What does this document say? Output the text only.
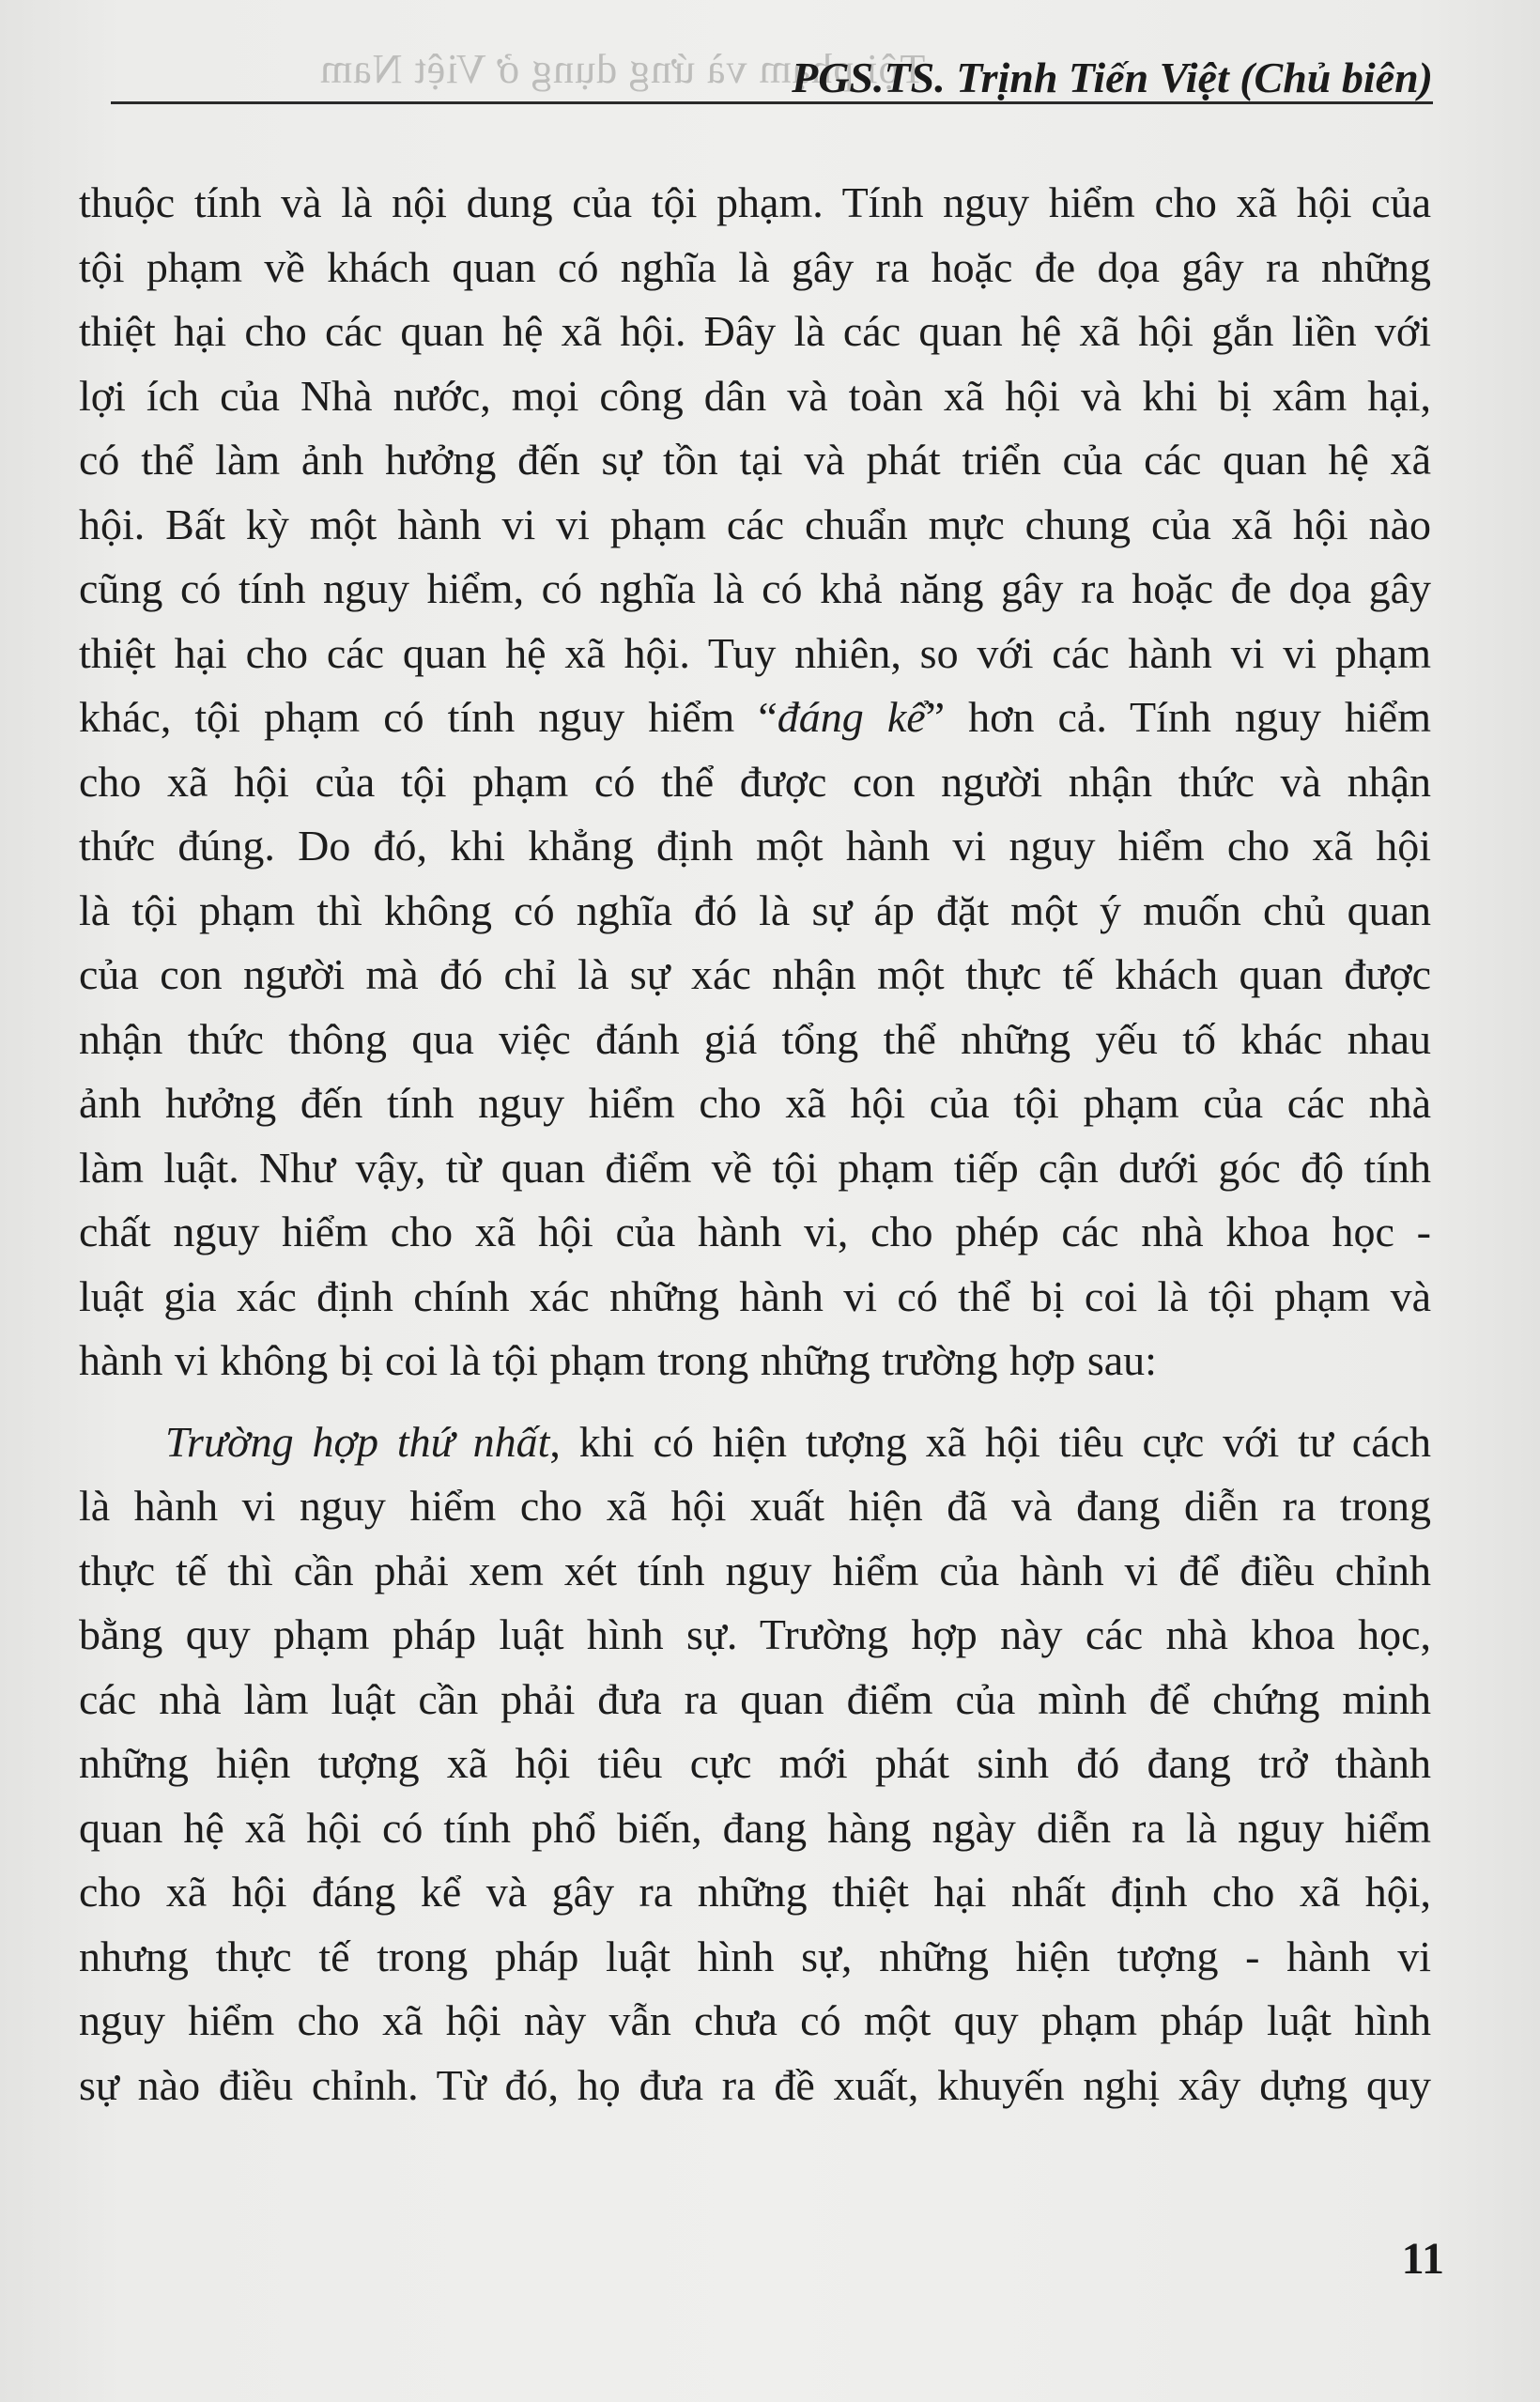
Tội phạm và ứng dụng ở Việt Nam
PGS.TS. Trịnh Tiến Việt (Chủ biên)
thuộc tính và là nội dung của tội phạm. Tính nguy hiểm cho xã hội của
tội phạm về khách quan có nghĩa là gây ra hoặc đe dọa gây ra những
thiệt hại cho các quan hệ xã hội. Đây là các quan hệ xã hội gắn liền với
lợi ích của Nhà nước, mọi công dân và toàn xã hội và khi bị xâm hại,
có thể làm ảnh hưởng đến sự tồn tại và phát triển của các quan hệ xã
hội. Bất kỳ một hành vi vi phạm các chuẩn mực chung của xã hội nào
cũng có tính nguy hiểm, có nghĩa là có khả năng gây ra hoặc đe dọa gây
thiệt hại cho các quan hệ xã hội. Tuy nhiên, so với các hành vi vi phạm
khác, tội phạm có tính nguy hiểm “đáng kể” hơn cả. Tính nguy hiểm
cho xã hội của tội phạm có thể được con người nhận thức và nhận
thức đúng. Do đó, khi khẳng định một hành vi nguy hiểm cho xã hội
là tội phạm thì không có nghĩa đó là sự áp đặt một ý muốn chủ quan
của con người mà đó chỉ là sự xác nhận một thực tế khách quan được
nhận thức thông qua việc đánh giá tổng thể những yếu tố khác nhau
ảnh hưởng đến tính nguy hiểm cho xã hội của tội phạm của các nhà
làm luật. Như vậy, từ quan điểm về tội phạm tiếp cận dưới góc độ tính
chất nguy hiểm cho xã hội của hành vi, cho phép các nhà khoa học -
luật gia xác định chính xác những hành vi có thể bị coi là tội phạm và
hành vi không bị coi là tội phạm trong những trường hợp sau:
Trường hợp thứ nhất, khi có hiện tượng xã hội tiêu cực với tư cách
là hành vi nguy hiểm cho xã hội xuất hiện đã và đang diễn ra trong
thực tế thì cần phải xem xét tính nguy hiểm của hành vi để điều chỉnh
bằng quy phạm pháp luật hình sự. Trường hợp này các nhà khoa học,
các nhà làm luật cần phải đưa ra quan điểm của mình để chứng minh
những hiện tượng xã hội tiêu cực mới phát sinh đó đang trở thành
quan hệ xã hội có tính phổ biến, đang hàng ngày diễn ra là nguy hiểm
cho xã hội đáng kể và gây ra những thiệt hại nhất định cho xã hội,
nhưng thực tế trong pháp luật hình sự, những hiện tượng - hành vi
nguy hiểm cho xã hội này vẫn chưa có một quy phạm pháp luật hình
sự nào điều chỉnh. Từ đó, họ đưa ra đề xuất, khuyến nghị xây dựng quy
11
